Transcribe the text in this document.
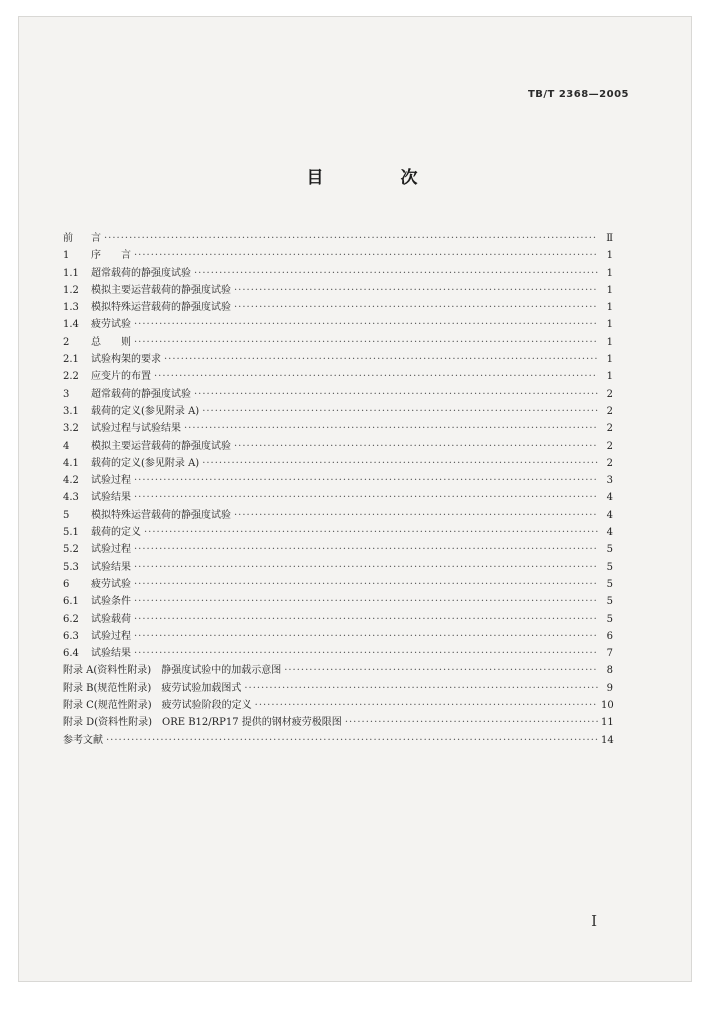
TB/T 2368—2005
目　次
前	言 ·····	Ⅱ
1	序　　言 ·····	1
1.1	超常载荷的静强度试验 ·····	1
1.2	模拟主要运营载荷的静强度试验 ·····	1
1.3	模拟特殊运营载荷的静强度试验 ·····	1
1.4	疲劳试验 ·····	1
2	总　　则 ·····	1
2.1	试验构架的要求 ·····	1
2.2	应变片的布置 ·····	1
3	超常载荷的静强度试验 ·····	2
3.1	载荷的定义(参见附录 A) ·····	2
3.2	试验过程与试验结果 ·····	2
4	模拟主要运营载荷的静强度试验 ·····	2
4.1	载荷的定义(参见附录 A) ·····	2
4.2	试验过程 ·····	3
4.3	试验结果 ·····	4
5	模拟特殊运营载荷的静强度试验 ·····	4
5.1	载荷的定义 ·····	4
5.2	试验过程 ·····	5
5.3	试验结果 ·····	5
6	疲劳试验 ·····	5
6.1	试验条件 ·····	5
6.2	试验载荷 ·····	5
6.3	试验过程 ·····	6
6.4	试验结果 ·····	7
附录 A(资料性附录)　静强度试验中的加载示意图 ·····	8
附录 B(规范性附录)　疲劳试验加载图式 ·····	9
附录 C(规范性附录)　疲劳试验阶段的定义 ·····	10
附录 D(资料性附录)　ORE B12/RP17 提供的钢材疲劳极限图 ·····	11
参考文献 ·····	14
I
